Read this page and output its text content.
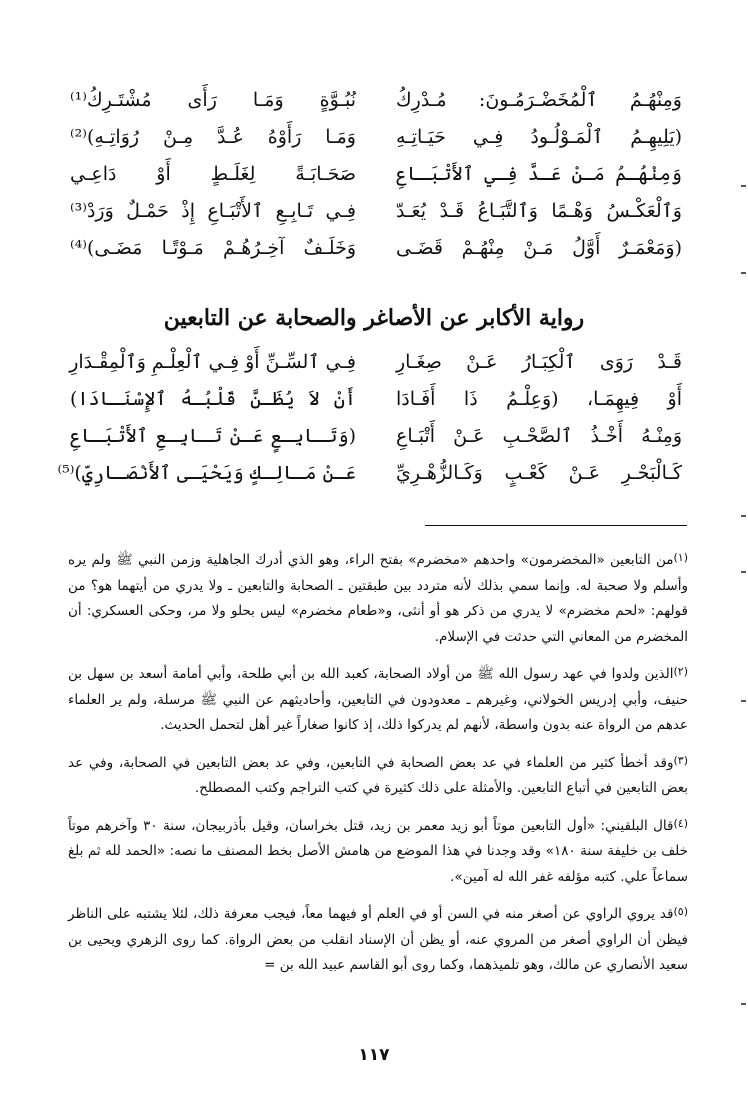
وَمِنْهُـمُ ٱلْمُخَضْـرَمُـونَ: مُـدْرِكُ
نُبُـوَّةٍ وَمَـا رَأَى مُشْتَـرِكُ⁽¹⁾
(يَلِيهِـمُ ٱلْمَـوْلُـودُ فِـي حَيَـاتِـهِ
وَمَـا رَأَوْهُ عُـدَّ مِـنْ رُوَاتِـهِ)⁽²⁾
وَمِنْهُـمُ مَـنْ عَـدَّ فِـي ٱلأَتْبَـاعِ
صَحَـابَـةً لِغَلَـطٍ أَوْ دَاعِـي
وَٱلْعَكْـسُ وَهْـمًا وَٱلتَّبَـاعُ قَـدْ يُعَـدّ
فِـي تَـابِـعِ ٱلأَتْبَـاعِ إِذْ حَمْـلٌ وَرَدْ⁽³⁾
(وَمَعْمَـرٌ أَوَّلُ مَـنْ مِنْهُـمْ قَضَـى
وَخَلَـفٌ آخِـرُهُـمْ مَـوْتًـا مَضَـى)⁽⁴⁾
رواية الأكابر عن الأصاغر والصحابة عن التابعين
قَـدْ رَوَى ٱلْكِبَـارُ عَـنْ صِغَـارِ
فِـي ٱلسِّـنِّ أَوْ فِـي ٱلْعِلْـمِ وَٱلْمِقْـدَارِ
أَوْ فِيهِمَـا، (وَعِلْـمُ ذَا أَفَـادَا
أَنْ لاَ يُظَـنَّ قَلْبُـهُ ٱلإِسْنَـادَا)
وَمِنْـهُ أَخْـذُ ٱلصَّحْـبِ عَـنْ أَتْبَـاعِ
(وَتَـابِـعٍ عَـنْ تَـابِـعِ ٱلأَتْبَـاعِ
كَـالْبَحْـرِ عَـنْ كَعْـبٍ وَكَـالزُّهْـرِيِّ
عَـنْ مَـالِـكٍ وَيَحْيَـى ٱلأَنْصَـارِيِّ)⁽⁵⁾

$^{(١)}$من التابعين «المخضرمون» واحدهم «مخضرم» بفتح الراء، وهو الذي أدرك الجاهلية وزمن النبي ﷺ ولم يره وأسلم ولا صحبة له. وإنما سمي بذلك لأنه متردد بين طبقتين ـ الصحابة والتابعين ـ ولا يدري من أيتهما هو؟ من قولهم: «لحم مخضرم» لا يدري من ذكر هو أو أنثى، و«طعام مخضرم» ليس بحلو ولا مر، وحكى العسكري: أن المخضرم من المعاني التي حدثت في الإسلام.

$^{(٢)}$الذين ولدوا في عهد رسول الله ﷺ من أولاد الصحابة، كعبد الله بن أبي طلحة، وأبي أمامة أسعد بن سهل بن حنيف، وأبي إدريس الخولاني، وغيرهم ـ معدودون في التابعين، وأحاديثهم عن النبي ﷺ مرسلة، ولم ير العلماء عدهم من الرواة عنه بدون واسطة، لأنهم لم يدركوا ذلك، إذ كانوا صغاراً غير أهل لتحمل الحديث.

$^{(٣)}$وقد أخطأ كثير من العلماء في عد بعض الصحابة في التابعين، وفي عد بعض التابعين في الصحابة، وفي عد بعض التابعين في أتباع التابعين. والأمثلة على ذلك كثيرة في كتب التراجم وكتب المصطلح.

$^{(٤)}$قال البلقيني: «أول التابعين موتاً أبو زيد معمر بن زيد، قتل بخراسان، وقيل بأذربيجان، سنة ٣٠ وآخرهم موتاً خلف بن خليفة سنة ١٨٠» وقد وجدنا في هذا الموضع من هامش الأصل بخط المصنف ما نصه: «الحمد لله ثم بلغ سماعاً علي. كتبه مؤلفه غفر الله له آمين».

$^{(٥)}$قد يروي الراوي عن أصغر منه في السن أو في العلم أو فيهما معاً، فيجب معرفة ذلك، لئلا يشتبه على الناظر فيظن أن الراوي أصغر من المروي عنه، أو يظن أن الإسناد انقلب من بعض الرواة. كما روى الزهري ويحيى بن سعيد الأنصاري عن مالك، وهو تلميذهما، وكما روى أبو القاسم عبيد الله بن =

١١٧
